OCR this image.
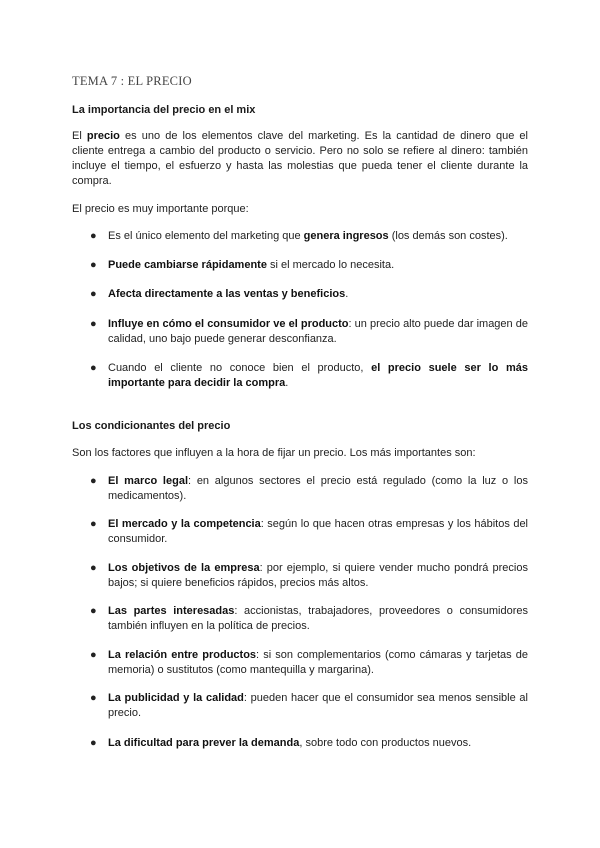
TEMA 7 : EL PRECIO
La importancia del precio en el mix
El precio es uno de los elementos clave del marketing. Es la cantidad de dinero que el cliente entrega a cambio del producto o servicio. Pero no solo se refiere al dinero: también incluye el tiempo, el esfuerzo y hasta las molestias que pueda tener el cliente durante la compra.
El precio es muy importante porque:
●	Es el único elemento del marketing que genera ingresos (los demás son costes).
●	Puede cambiarse rápidamente si el mercado lo necesita.
●	Afecta directamente a las ventas y beneficios.
●	Influye en cómo el consumidor ve el producto: un precio alto puede dar imagen de calidad, uno bajo puede generar desconfianza.
●	Cuando el cliente no conoce bien el producto, el precio suele ser lo más importante para decidir la compra.
Los condicionantes del precio
Son los factores que influyen a la hora de fijar un precio. Los más importantes son:
●	El marco legal: en algunos sectores el precio está regulado (como la luz o los medicamentos).
●	El mercado y la competencia: según lo que hacen otras empresas y los hábitos del consumidor.
●	Los objetivos de la empresa: por ejemplo, si quiere vender mucho pondrá precios bajos; si quiere beneficios rápidos, precios más altos.
●	Las partes interesadas: accionistas, trabajadores, proveedores o consumidores también influyen en la política de precios.
●	La relación entre productos: si son complementarios (como cámaras y tarjetas de memoria) o sustitutos (como mantequilla y margarina).
●	La publicidad y la calidad: pueden hacer que el consumidor sea menos sensible al precio.
●	La dificultad para prever la demanda, sobre todo con productos nuevos.
